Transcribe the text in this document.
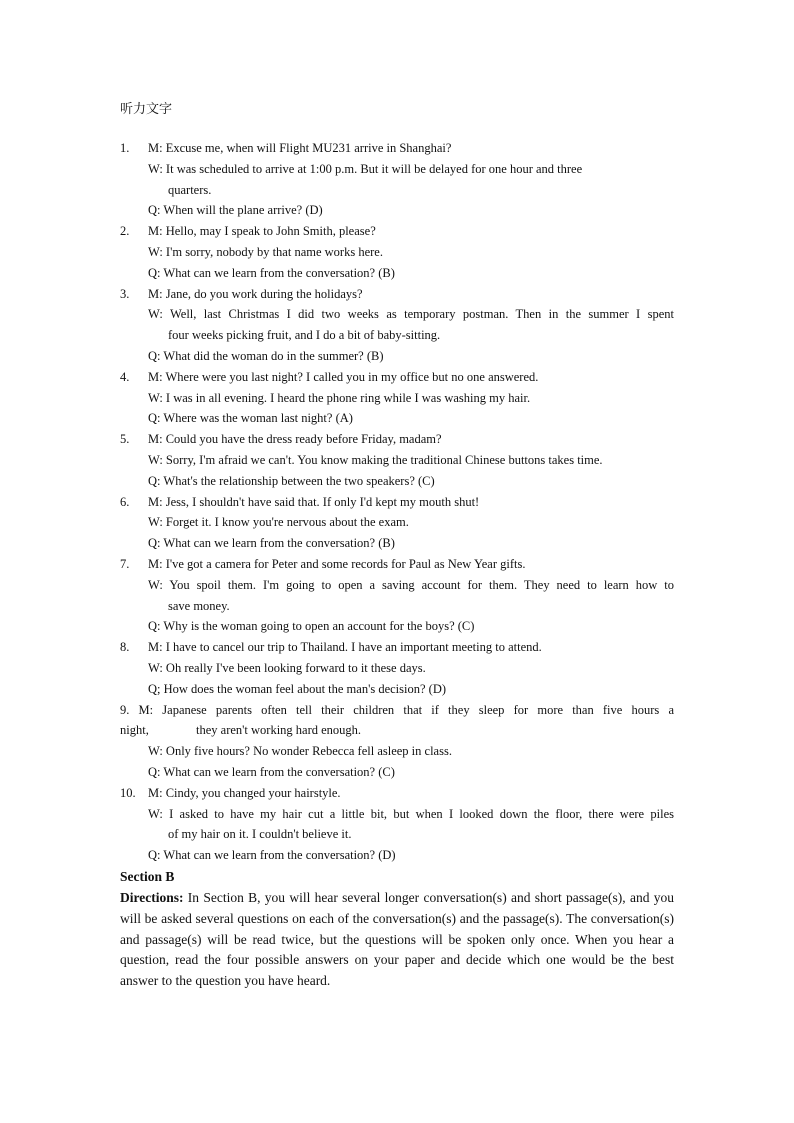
听力文字
1.	M: Excuse me, when will Flight MU231 arrive in Shanghai?
W: It was scheduled to arrive at 1:00 p.m. But it will be delayed for one hour and three
quarters.
Q: When will the plane arrive? (D)
2.	M: Hello, may I speak to John Smith, please?
W: I'm sorry, nobody by that name works here.
Q: What can we learn from the conversation? (B)
3.	M: Jane, do you work during the holidays?
W: Well, last Christmas I did two weeks as temporary postman. Then in the summer I spent
four weeks picking fruit, and I do a bit of baby-sitting.
Q: What did the woman do in the summer? (B)
4.	M: Where were you last night? I called you in my office but no one answered.
W: I was in all evening. I heard the phone ring while I was washing my hair.
Q: Where was the woman last night? (A)
5.	M: Could you have the dress ready before Friday, madam?
W: Sorry, I'm afraid we can't. You know making the traditional Chinese buttons takes time.
Q: What's the relationship between the two speakers? (C)
6.	M: Jess, I shouldn't have said that. If only I'd kept my mouth shut!
W: Forget it. I know you're nervous about the exam.
Q: What can we learn from the conversation? (B)
7.	M: I've got a camera for Peter and some records for Paul as New Year gifts.
W: You spoil them. I'm going to open a saving account for them. They need to learn how to
save money.
Q: Why is the woman going to open an account for the boys? (C)
8.	M: I have to cancel our trip to Thailand. I have an important meeting to attend.
W: Oh really I've been looking forward to it these days.
Q; How does the woman feel about the man's decision? (D)
9. M: Japanese parents often tell their children that if they sleep for more than five hours a
night,	they aren't working hard enough.
W: Only five hours? No wonder Rebecca fell asleep in class.
Q: What can we learn from the conversation? (C)
10. M: Cindy, you changed your hairstyle.
W: I asked to have my hair cut a little bit, but when I looked down the floor, there were piles
of my hair on it. I couldn't believe it.
Q: What can we learn from the conversation? (D)
Section B
Directions: In Section B, you will hear several longer conversation(s) and short passage(s), and you will be asked several questions on each of the conversation(s) and the passage(s). The conversation(s) and passage(s) will be read twice, but the questions will be spoken only once. When you hear a question, read the four possible answers on your paper and decide which one would be the best answer to the question you have heard.
